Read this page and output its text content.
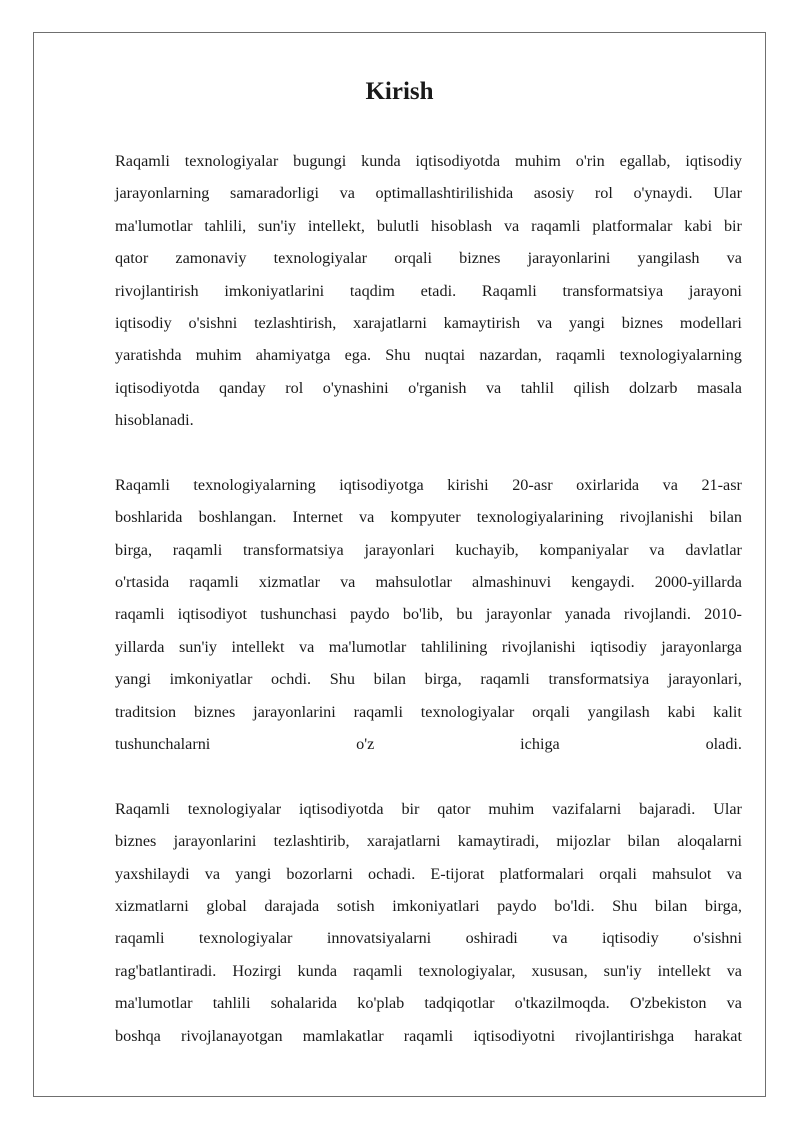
Kirish
Raqamli texnologiyalar bugungi kunda iqtisodiyotda muhim o'rin egallab, iqtisodiy
jarayonlarning samaradorligi va optimallashtirilishida asosiy rol o'ynaydi. Ular
ma'lumotlar tahlili, sun'iy intellekt, bulutli hisoblash va raqamli platformalar kabi bir
qator zamonaviy texnologiyalar orqali biznes jarayonlarini yangilash va
rivojlantirish imkoniyatlarini taqdim etadi. Raqamli transformatsiya jarayoni
iqtisodiy o'sishni tezlashtirish, xarajatlarni kamaytirish va yangi biznes modellari
yaratishda muhim ahamiyatga ega. Shu nuqtai nazardan, raqamli texnologiyalarning
iqtisodiyotda qanday rol o'ynashini o'rganish va tahlil qilish dolzarb masala
hisoblanadi.
Raqamli texnologiyalarning iqtisodiyotga kirishi 20-asr oxirlarida va 21-asr
boshlarida boshlangan. Internet va kompyuter texnologiyalarining rivojlanishi bilan
birga, raqamli transformatsiya jarayonlari kuchayib, kompaniyalar va davlatlar
o'rtasida raqamli xizmatlar va mahsulotlar almashinuvi kengaydi. 2000-yillarda
raqamli iqtisodiyot tushunchasi paydo bo'lib, bu jarayonlar yanada rivojlandi. 2010-
yillarda sun'iy intellekt va ma'lumotlar tahlilining rivojlanishi iqtisodiy jarayonlarga
yangi imkoniyatlar ochdi. Shu bilan birga, raqamli transformatsiya jarayonlari,
traditsion biznes jarayonlarini raqamli texnologiyalar orqali yangilash kabi kalit
tushunchalarni	o'z	ichiga	oladi.
Raqamli texnologiyalar iqtisodiyotda bir qator muhim vazifalarni bajaradi. Ular
biznes jarayonlarini tezlashtirib, xarajatlarni kamaytiradi, mijozlar bilan aloqalarni
yaxshilaydi va yangi bozorlarni ochadi. E-tijorat platformalari orqali mahsulot va
xizmatlarni global darajada sotish imkoniyatlari paydo bo'ldi. Shu bilan birga,
raqamli texnologiyalar innovatsiyalarni oshiradi va iqtisodiy o'sishni
rag'batlantiradi. Hozirgi kunda raqamli texnologiyalar, xususan, sun'iy intellekt va
ma'lumotlar tahlili sohalarida ko'plab tadqiqotlar o'tkazilmoqda. O'zbekiston va
boshqa rivojlanayotgan mamlakatlar raqamli iqtisodiyotni rivojlantirishga harakat
